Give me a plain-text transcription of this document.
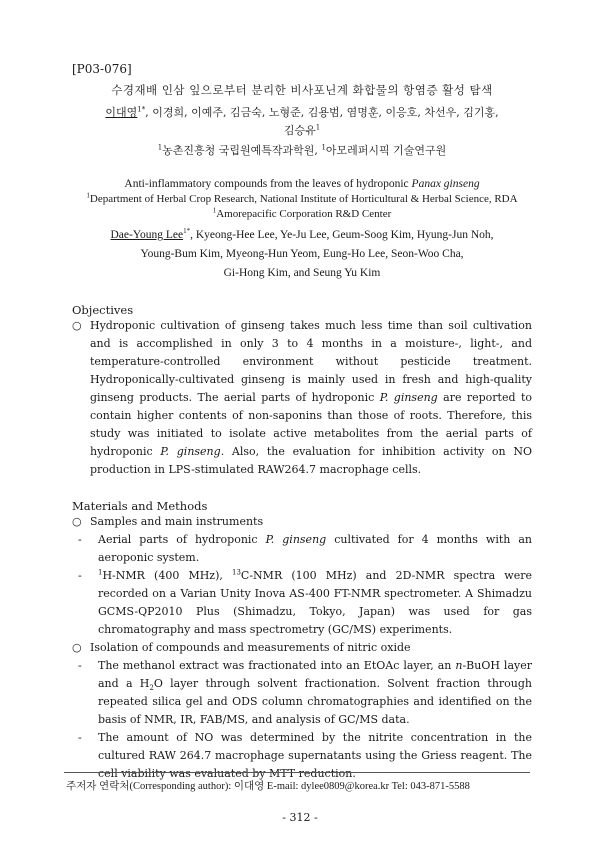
[P03-076]
수경재배 인삼 잎으로부터 분리한 비사포닌계 화합물의 항염증 활성 탐색
이대영$^{1*}$, 이경희, 이예주, 김금숙, 노형준, 김용범, 염명훈, 이응호, 차선우, 김기홍,
김승유$^1$
$^1$농촌진흥청 국립원예특작과학원, $^1$아모레퍼시픽 기술연구원
Anti-inflammatory compounds from the leaves of hydroponic Panax ginseng
$^1$Department of Herbal Crop Research, National Institute of Horticultural & Herbal Science, RDA
$^1$Amorepacific Corporation R&D Center
Dae-Young Lee$^{1*}$, Kyeong-Hee Lee, Ye-Ju Lee, Geum-Soog Kim, Hyung-Jun Noh,
Young-Bum Kim, Myeong-Hun Yeom, Eung-Ho Lee, Seon-Woo Cha,
Gi-Hong Kim, and Seung Yu Kim
Objectives
○ Hydroponic cultivation of ginseng takes much less time than soil cultivation and is accomplished in only 3 to 4 months in a moisture-, light-, and temperature-controlled environment without pesticide treatment. Hydroponically-cultivated ginseng is mainly used in fresh and high-quality ginseng products. The aerial parts of hydroponic P. ginseng are reported to contain higher contents of non-saponins than those of roots. Therefore, this study was initiated to isolate active metabolites from the aerial parts of hydroponic P. ginseng. Also, the evaluation for inhibition activity on NO production in LPS-stimulated RAW264.7 macrophage cells.
Materials and Methods
○ Samples and main instruments
-	Aerial parts of hydroponic P. ginseng cultivated for 4 months with an aeroponic system.
-	$^1$H-NMR (400 MHz), $^{13}$C-NMR (100 MHz) and 2D-NMR spectra were recorded on a Varian Unity Inova AS-400 FT-NMR spectrometer. A Shimadzu GCMS-QP2010 Plus (Shimadzu, Tokyo, Japan) was used for gas chromatography and mass spectrometry (GC/MS) experiments.
○ Isolation of compounds and measurements of nitric oxide
-	The methanol extract was fractionated into an EtOAc layer, an n-BuOH layer and a $H_2O$ layer through solvent fractionation. Solvent fraction through repeated silica gel and ODS column chromatographies and identified on the basis of NMR, IR, FAB/MS, and analysis of GC/MS data.
-	The amount of NO was determined by the nitrite concentration in the cultured RAW 264.7 macrophage supernatants using the Griess reagent. The cell viability was evaluated by MTT reduction.
주저자 연락처(Corresponding author): 이대영 E-mail: dylee0809@korea.kr Tel: 043-871-5588
- 312 -
